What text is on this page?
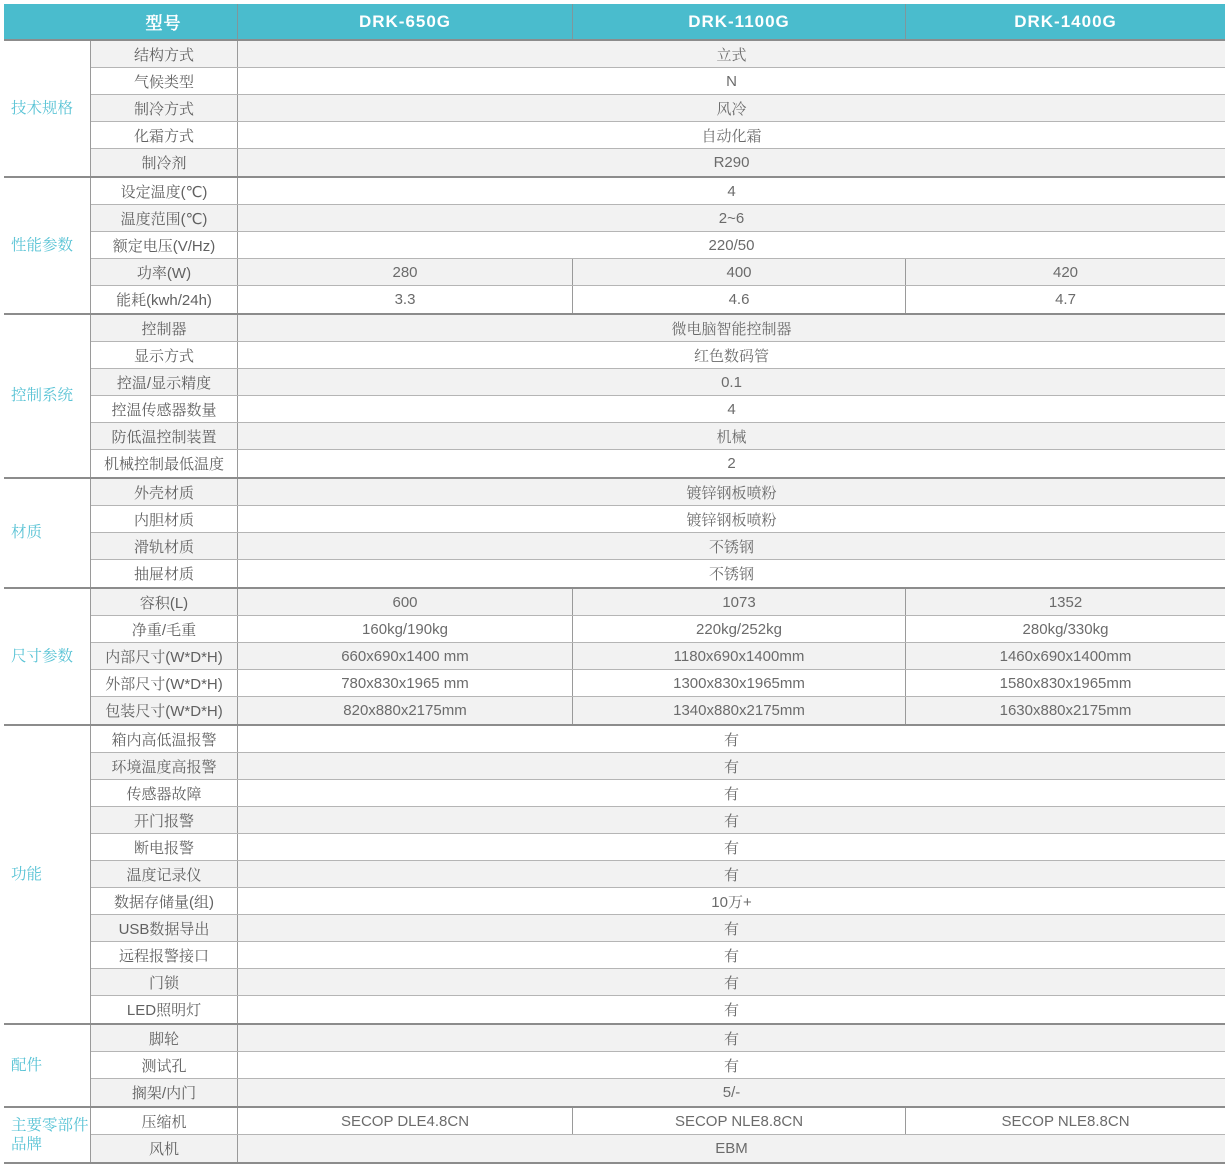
型号	DRK-650G	DRK-1100G	DRK-1400G
技术规格
结构方式	立式
气候类型	N
制冷方式	风冷
化霜方式	自动化霜
制冷剂	R290
性能参数
设定温度(℃)	4
温度范围(℃)	2~6
额定电压(V/Hz)	220/50
功率(W)	280	400	420
能耗(kwh/24h)	3.3	4.6	4.7
控制系统
控制器	微电脑智能控制器
显示方式	红色数码管
控温/显示精度	0.1
控温传感器数量	4
防低温控制装置	机械
机械控制最低温度	2
材质
外壳材质	镀锌钢板喷粉
内胆材质	镀锌钢板喷粉
滑轨材质	不锈钢
抽屉材质	不锈钢
尺寸参数
容积(L)	600	1073	1352
净重/毛重	160kg/190kg	220kg/252kg	280kg/330kg
内部尺寸(W*D*H)	660x690x1400 mm	1180x690x1400mm	1460x690x1400mm
外部尺寸(W*D*H)	780x830x1965 mm	1300x830x1965mm	1580x830x1965mm
包装尺寸(W*D*H)	820x880x2175mm	1340x880x2175mm	1630x880x2175mm
功能
箱内高低温报警	有
环境温度高报警	有
传感器故障	有
开门报警	有
断电报警	有
温度记录仪	有
数据存储量(组)	10万+
USB数据导出	有
远程报警接口	有
门锁	有
LED照明灯	有
配件
脚轮	有
测试孔	有
搁架/内门	5/-
主要零部件品牌
压缩机	SECOP DLE4.8CN	SECOP NLE8.8CN	SECOP NLE8.8CN
风机	EBM
